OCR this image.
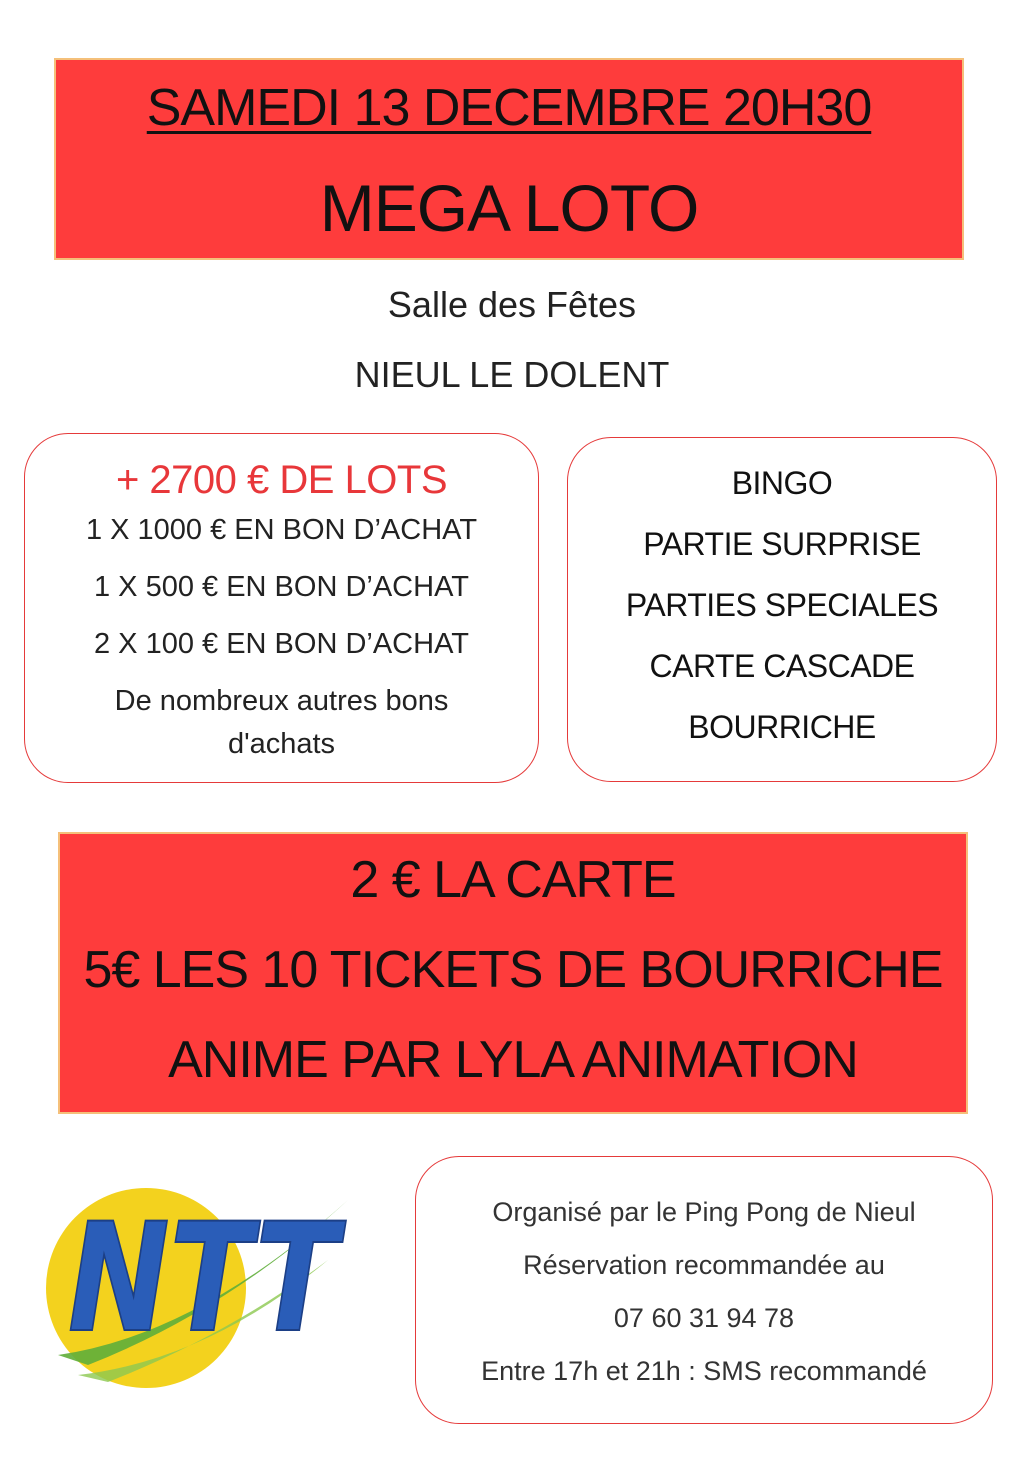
SAMEDI 13 DECEMBRE 20H30
MEGA LOTO
Salle des Fêtes
NIEUL LE DOLENT
+ 2700 € DE LOTS
1 X 1000 € EN BON D’ACHAT
1 X 500 € EN BON D’ACHAT
2 X 100 € EN BON D’ACHAT
De nombreux autres bons d'achats
BINGO
PARTIE SURPRISE
PARTIES SPECIALES
CARTE CASCADE
BOURRICHE
2 € LA CARTE
5€ LES 10 TICKETS DE BOURRICHE
ANIME PAR LYLA ANIMATION
NTT	Organisé par le Ping Pong de Nieul
Réservation recommandée au
07 60 31 94 78
Entre 17h et 21h : SMS recommandé
